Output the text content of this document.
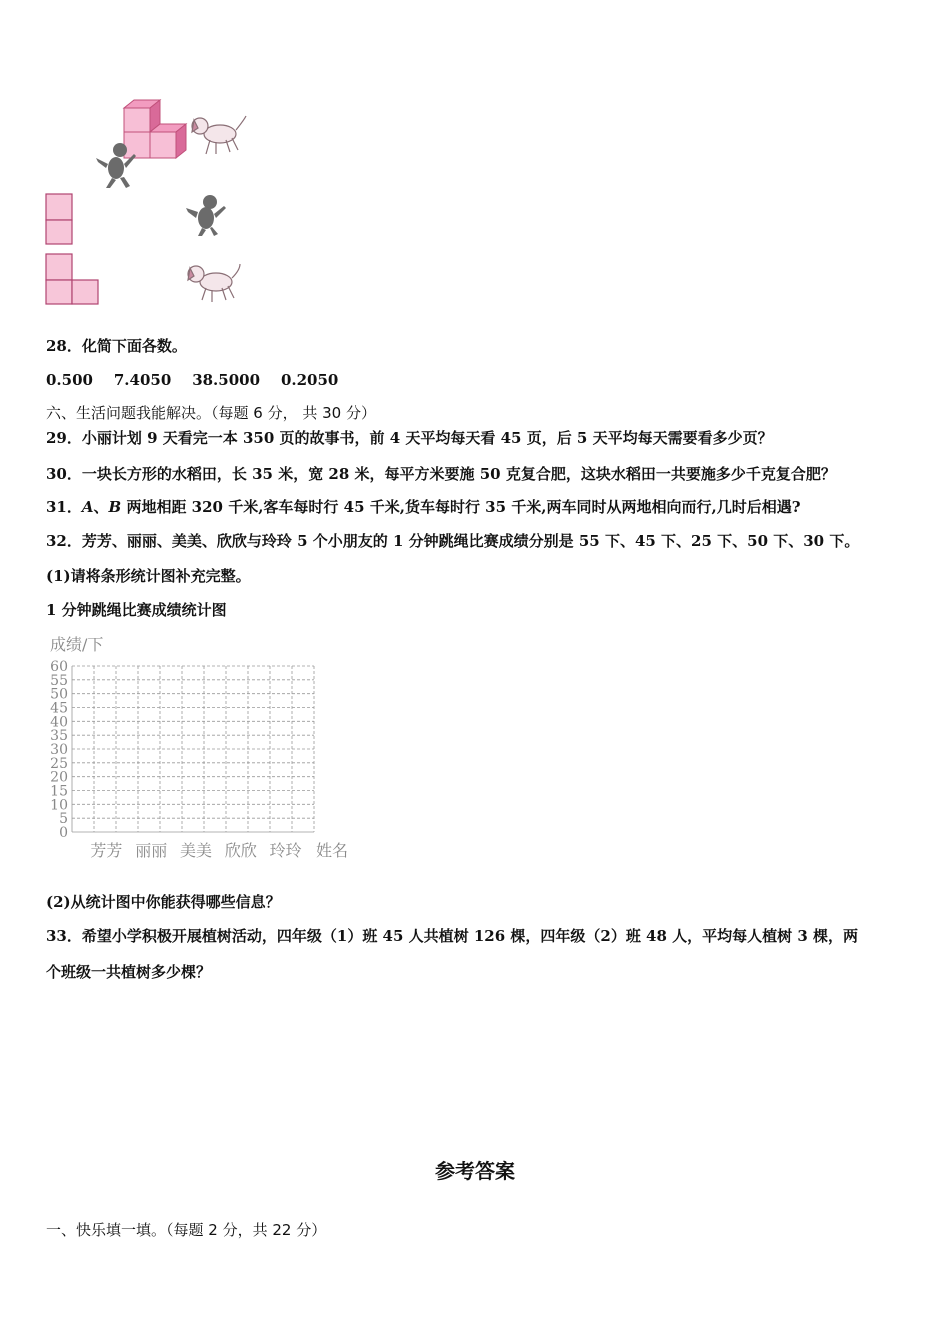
28．化简下面各数。
0.500 7.4050 38.5000 0.2050
六、生活问题我能解决。（每题 6 分， 共 30 分）
29．小丽计划 9 天看完一本 350 页的故事书，前 4 天平均每天看 45 页，后 5 天平均每天需要看多少页？
30．一块长方形的水稻田，长 35 米，宽 28 米，每平方米要施 50 克复合肥，这块水稻田一共要施多少千克复合肥？
31．A、B 两地相距 320 千米,客车每时行 45 千米,货车每时行 35 千米,两车同时从两地相向而行,几时后相遇?
32．芳芳、丽丽、美美、欣欣与玲玲 5 个小朋友的 1 分钟跳绳比赛成绩分别是 55 下、45 下、25 下、50 下、30 下。
(1)请将条形统计图补充完整。
1 分钟跳绳比赛成绩统计图
成绩/下
60
55
50
45
40
35
30
25
20
15
10
5
0
芳芳 丽丽 美美 欣欣 玲玲 姓名
(2)从统计图中你能获得哪些信息？
33．希望小学积极开展植树活动，四年级（1）班 45 人共植树 126 棵，四年级（2）班 48 人，平均每人植树 3 棵，两
个班级一共植树多少棵？
参考答案
一、快乐填一填。（每题 2 分，共 22 分）
